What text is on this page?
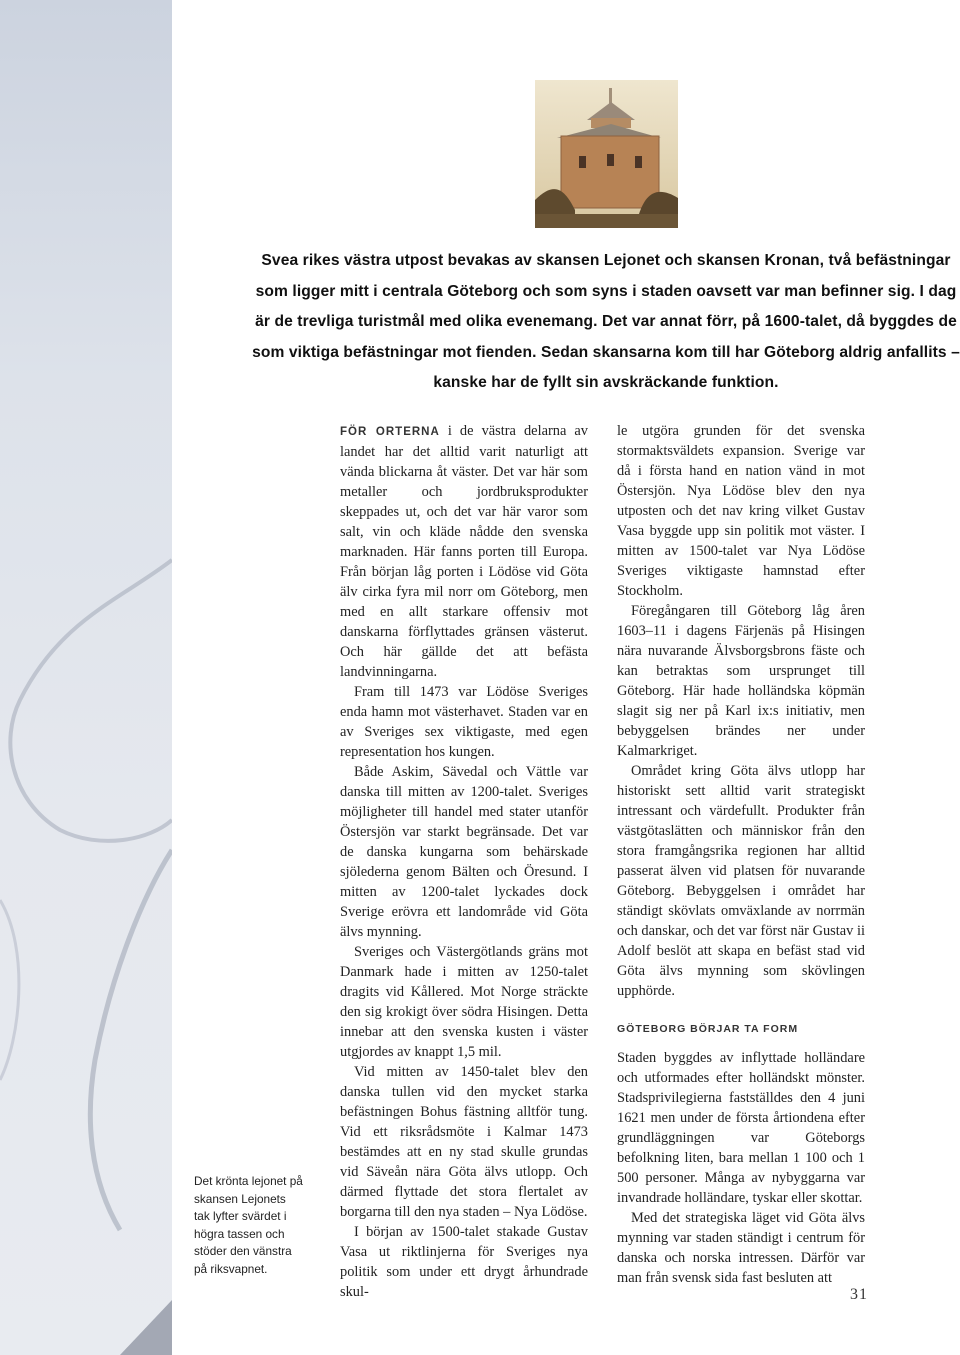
Svea rikes västra utpost bevakas av skansen Lejonet och skansen Kronan, två befästningar som ligger mitt i centrala Göteborg och som syns i staden oavsett var man befinner sig. I dag är de trevliga turistmål med olika evenemang. Det var annat förr, på 1600-talet, då byggdes de som viktiga befästningar mot fienden. Sedan skansarna kom till har Göteborg aldrig anfallits – kanske har de fyllt sin avskräckande funktion.

FÖR ORTERNA i de västra delarna av landet har det alltid varit naturligt att vända blickarna åt väster. Det var här som metaller och jordbruksprodukter skeppades ut, och det var här varor som salt, vin och kläde nådde den svenska marknaden. Här fanns porten till Europa. Från början låg porten i Lödöse vid Göta älv cirka fyra mil norr om Göteborg, men med en allt starkare offensiv mot danskarna förflyttades gränsen västerut. Och här gällde det att befästa landvinningarna.

Fram till 1473 var Lödöse Sveriges enda hamn mot västerhavet. Staden var en av Sveriges sex viktigaste, med egen representation hos kungen.

Både Askim, Sävedal och Vättle var danska till mitten av 1200-talet. Sveriges möjligheter till handel med stater utanför Östersjön var starkt begränsade. Det var de danska kungarna som behärskade sjölederna genom Bälten och Öresund. I mitten av 1200-talet lyckades dock Sverige erövra ett landområde vid Göta älvs mynning.

Sveriges och Västergötlands gräns mot Danmark hade i mitten av 1250-talet dragits vid Kållered. Mot Norge sträckte den sig krokigt över södra Hisingen. Detta innebar att den svenska kusten i väster utgjordes av knappt 1,5 mil.

Vid mitten av 1450-talet blev den danska tullen vid den mycket starka befästningen Bohus fästning alltför tung. Vid ett riksrådsmöte i Kalmar 1473 bestämdes att en ny stad skulle grundas vid Säveån nära Göta älvs utlopp. Och därmed flyttade det stora flertalet av borgarna till den nya staden – Nya Lödöse.

I början av 1500-talet stakade Gustav Vasa ut riktlinjerna för Sveriges nya politik som under ett drygt århundrade skul-

le utgöra grunden för det svenska stormaktsväldets expansion. Sverige var då i första hand en nation vänd in mot Östersjön. Nya Lödöse blev den nya utposten och det nav kring vilket Gustav Vasa byggde upp sin politik mot väster. I mitten av 1500-talet var Nya Lödöse Sveriges viktigaste hamnstad efter Stockholm.

Föregångaren till Göteborg låg åren 1603–11 i dagens Färjenäs på Hisingen nära nuvarande Älvsborgsbrons fäste och kan betraktas som ursprunget till Göteborg. Här hade holländska köpmän slagit sig ner på Karl ix:s initiativ, men bebyggelsen brändes ner under Kalmarkriget.

Området kring Göta älvs utlopp har historiskt sett alltid varit strategiskt intressant och värdefullt. Produkter från västgötaslätten och människor från den stora framgångsrika regionen har alltid passerat älven vid platsen för nuvarande Göteborg. Bebyggelsen i området har ständigt skövlats omväxlande av norrmän och danskar, och det var först när Gustav ii Adolf beslöt att skapa en befäst stad vid Göta älvs mynning som skövlingen upphörde.

GÖTEBORG BÖRJAR TA FORM

Staden byggdes av inflyttade holländare och utformades efter holländskt mönster. Stadsprivilegierna fastställdes den 4 juni 1621 men under de första årtiondena efter grundläggningen var Göteborgs befolkning liten, bara mellan 1 100 och 1 500 personer. Många av nybyggarna var invandrade holländare, tyskar eller skottar.

Med det strategiska läget vid Göta älvs mynning var staden ständigt i centrum för danska och norska intressen. Därför var man från svensk sida fast besluten att

Det krönta lejonet på skansen Lejonets tak lyfter svärdet i högra tassen och stöder den vänstra på riksvapnet.

31
